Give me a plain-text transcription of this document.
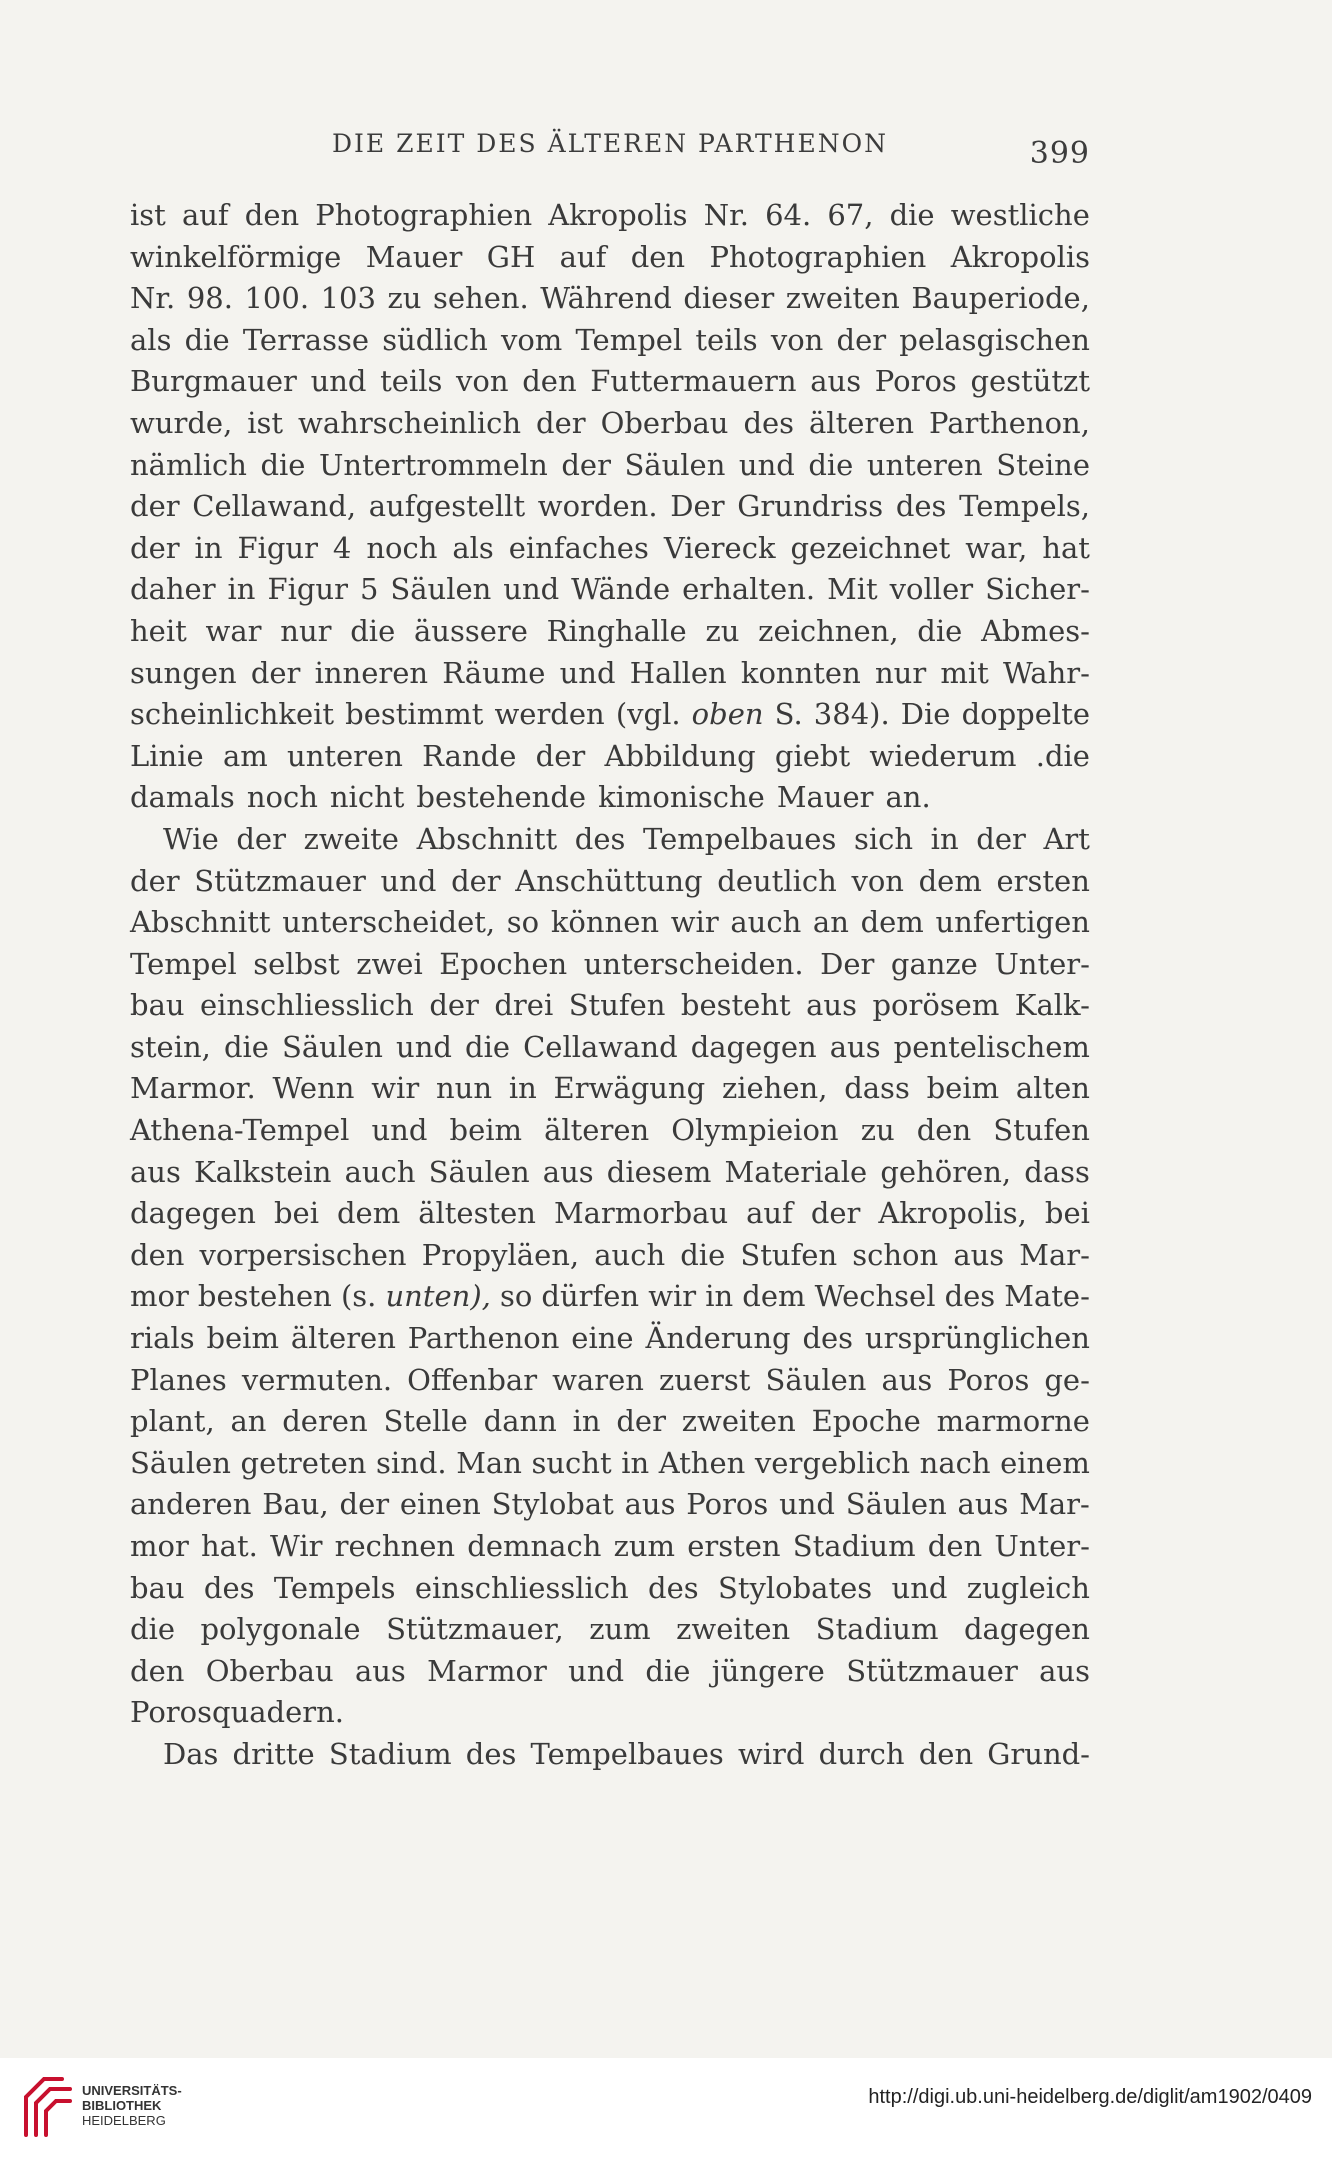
DIE ZEIT DES ÄLTEREN PARTHENON	399
ist auf den Photographien Akropolis Nr. 64. 67, die westliche
winkelförmige Mauer GH auf den Photographien Akropolis
Nr. 98. 100. 103 zu sehen. Während dieser zweiten Bauperiode,
als die Terrasse südlich vom Tempel teils von der pelasgischen
Burgmauer und teils von den Futtermauern aus Poros gestützt
wurde, ist wahrscheinlich der Oberbau des älteren Parthenon,
nämlich die Untertrommeln der Säulen und die unteren Steine
der Cellawand, aufgestellt worden. Der Grundriss des Tempels,
der in Figur 4 noch als einfaches Viereck gezeichnet war, hat
daher in Figur 5 Säulen und Wände erhalten. Mit voller Sicher-
heit war nur die äussere Ringhalle zu zeichnen, die Abmes-
sungen der inneren Räume und Hallen konnten nur mit Wahr-
scheinlichkeit bestimmt werden (vgl. oben S. 384). Die doppelte
Linie am unteren Rande der Abbildung giebt wiederum .die
damals noch nicht bestehende kimonische Mauer an.
Wie der zweite Abschnitt des Tempelbaues sich in der Art
der Stützmauer und der Anschüttung deutlich von dem ersten
Abschnitt unterscheidet, so können wir auch an dem unfertigen
Tempel selbst zwei Epochen unterscheiden. Der ganze Unter-
bau einschliesslich der drei Stufen besteht aus porösem Kalk-
stein, die Säulen und die Cellawand dagegen aus pentelischem
Marmor. Wenn wir nun in Erwägung ziehen, dass beim alten
Athena-Tempel und beim älteren Olympieion zu den Stufen
aus Kalkstein auch Säulen aus diesem Materiale gehören, dass
dagegen bei dem ältesten Marmorbau auf der Akropolis, bei
den vorpersischen Propyläen, auch die Stufen schon aus Mar-
mor bestehen (s. unten), so dürfen wir in dem Wechsel des Mate-
rials beim älteren Parthenon eine Änderung des ursprünglichen
Planes vermuten. Offenbar waren zuerst Säulen aus Poros ge-
plant, an deren Stelle dann in der zweiten Epoche marmorne
Säulen getreten sind. Man sucht in Athen vergeblich nach einem
anderen Bau, der einen Stylobat aus Poros und Säulen aus Mar-
mor hat. Wir rechnen demnach zum ersten Stadium den Unter-
bau des Tempels einschliesslich des Stylobates und zugleich
die polygonale Stützmauer, zum zweiten Stadium dagegen
den Oberbau aus Marmor und die jüngere Stützmauer aus
Porosquadern.
Das dritte Stadium des Tempelbaues wird durch den Grund-
UNIVERSITÄTS-
BIBLIOTHEK
HEIDELBERG
http://digi.ub.uni-heidelberg.de/diglit/am1902/0409
